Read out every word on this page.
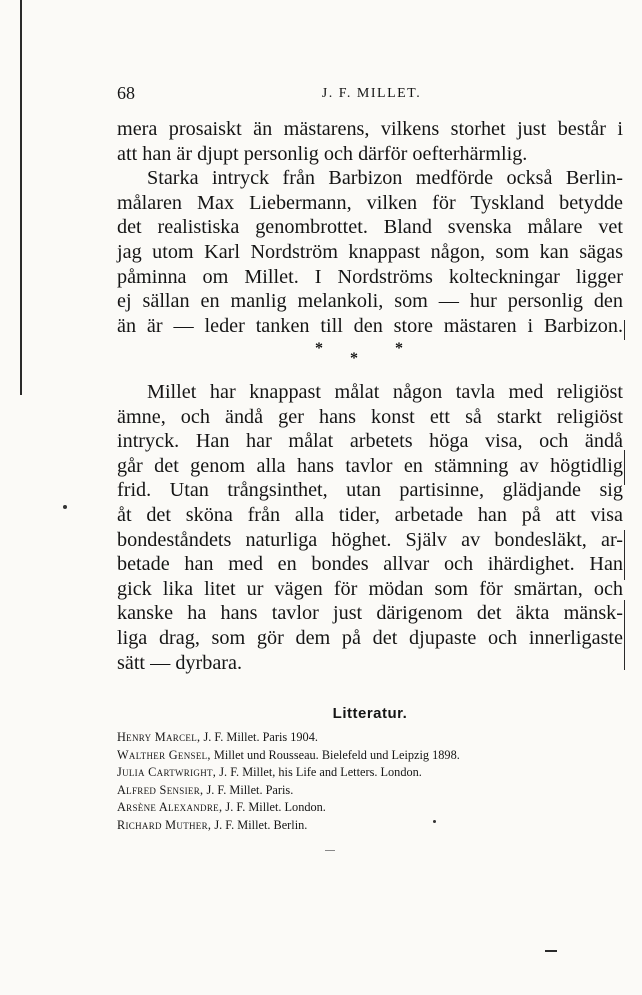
68	J. F. MILLET.

mera prosaiskt än mästarens, vilkens storhet just består i

att han är djupt personlig och därför oefterhärmlig.

Starka intryck från Barbizon medförde också Berlin-

målaren Max Liebermann, vilken för Tyskland betydde

det realistiska genombrottet. Bland svenska målare vet

jag utom Karl Nordström knappast någon, som kan sägas

påminna om Millet. I Nordströms kolteckningar ligger

ej sällan en manlig melankoli, som — hur personlig den

än är — leder tanken till den store mästaren i Barbizon.

*
*
*

Millet har knappast målat någon tavla med religiöst

ämne, och ändå ger hans konst ett så starkt religiöst

intryck. Han har målat arbetets höga visa, och ändå

går det genom alla hans tavlor en stämning av högtidlig

frid. Utan trångsinthet, utan partisinne, glädjande sig

åt det sköna från alla tider, arbetade han på att visa

bondeståndets naturliga höghet. Själv av bondesläkt, ar-

betade han med en bondes allvar och ihärdighet. Han

gick lika litet ur vägen för mödan som för smärtan, och

kanske ha hans tavlor just därigenom det äkta mänsk-

liga drag, som gör dem på det djupaste och innerligaste

sätt — dyrbara.

Litteratur.
Henry Marcel, J. F. Millet. Paris 1904.
Walther Gensel, Millet und Rousseau. Bielefeld und Leipzig 1898.
Julia Cartwright, J. F. Millet, his Life and Letters. London.
Alfred Sensier, J. F. Millet. Paris.
Arsène Alexandre, J. F. Millet. London.
Richard Muther, J. F. Millet. Berlin.
